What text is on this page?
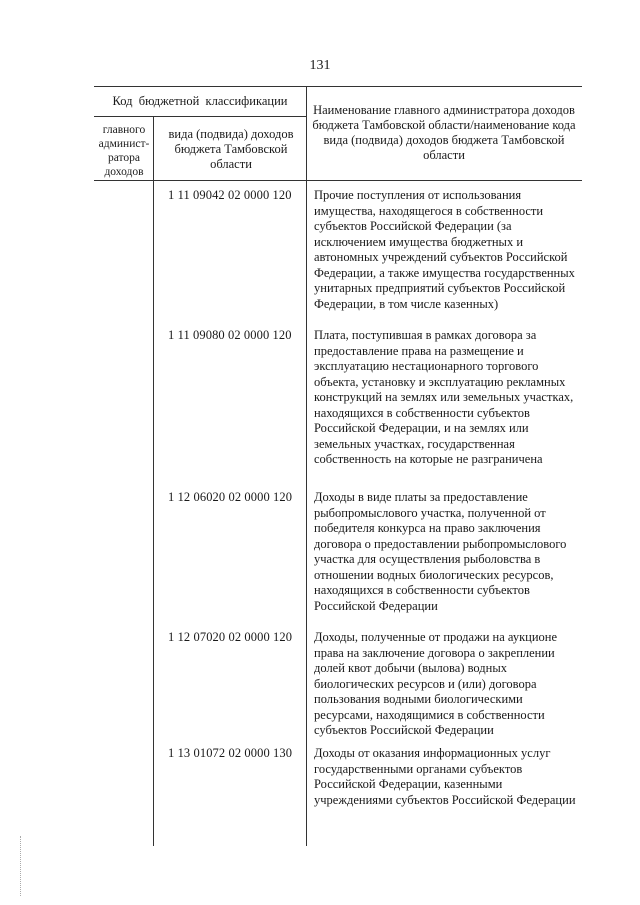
131
Код  бюджетной  классификации
главного админист-ратора доходов
вида (подвида) доходов бюджета Тамбовской области
Наименование главного администратора доходов бюджета Тамбовской области/наименование кода вида (подвида) доходов бюджета Тамбовской области
1 11 09042 02 0000 120 Прочие поступления от использования имущества, находящегося в собственности субъектов Российской Федерации (за исключением имущества бюджетных и автономных учреждений субъектов Российской Федерации, а также имущества государственных унитарных предприятий субъектов Российской Федерации, в том числе казенных)
1 11 09080 02 0000 120 Плата, поступившая в рамках договора за предоставление права на размещение и эксплуатацию нестационарного торгового объекта, установку и эксплуатацию рекламных конструкций на землях или земельных участках, находящихся в собственности субъектов Российской Федерации, и на землях или земельных участках, государственная собственность на которые не разграничена
1 12 06020 02 0000 120 Доходы в виде платы за предоставление рыбопромыслового участка, полученной от победителя конкурса на право заключения договора о предоставлении рыбопромыслового участка для осуществления рыболовства в отношении водных биологических ресурсов, находящихся в собственности субъектов Российской Федерации
1 12 07020 02 0000 120 Доходы, полученные от продажи на аукционе права на заключение договора о закреплении долей квот добычи (вылова) водных биологических ресурсов и (или) договора пользования водными биологическими ресурсами, находящимися в собственности субъектов Российской Федерации
1 13 01072 02 0000 130 Доходы от оказания информационных услуг государственными органами субъектов Российской Федерации, казенными учреждениями субъектов Российской Федерации
